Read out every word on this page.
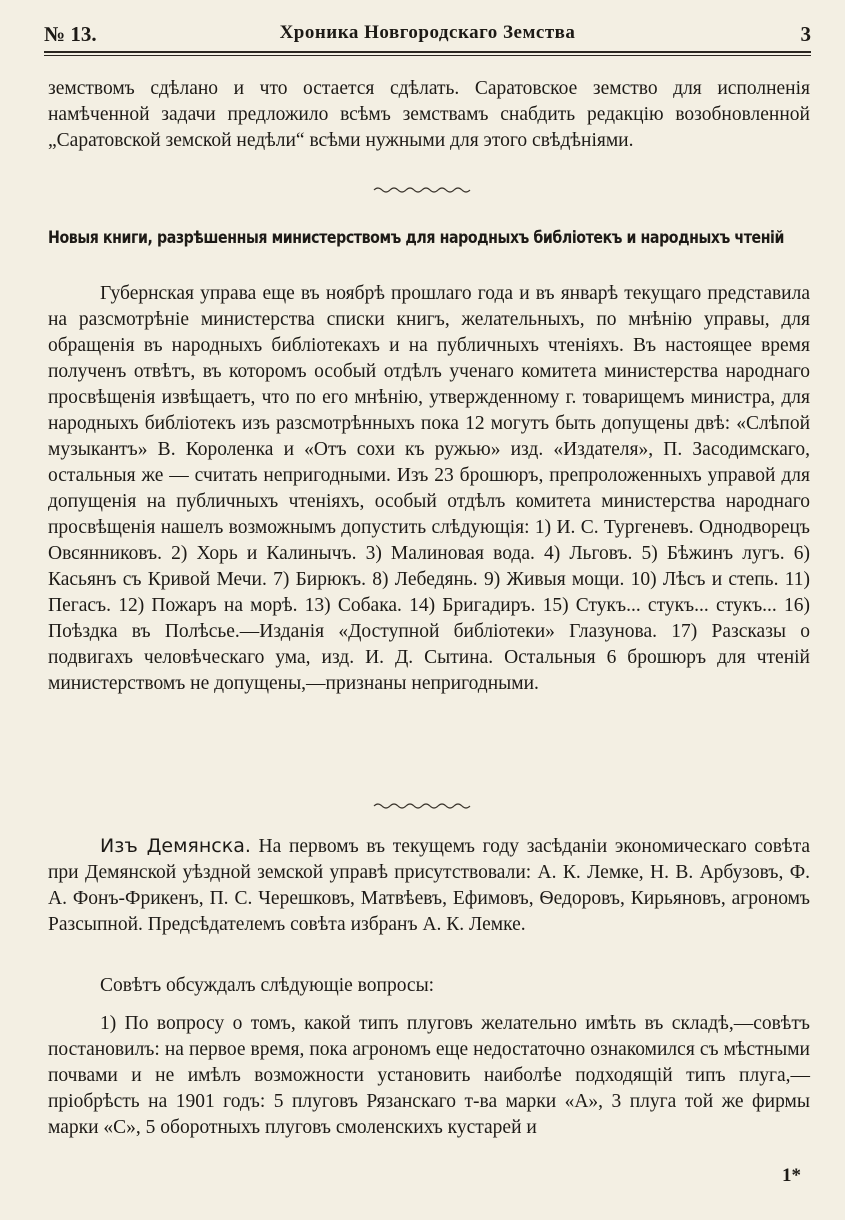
№ 13.	Хроника Новгородскаго Земства	3
земствомъ сдѣлано и что остается сдѣлать. Саратовское земство для исполненія намѣченной задачи предложило всѣмъ земствамъ снабдить редакцію возобновленной „Саратовской земской недѣли“ всѣми нужными для этого свѣдѣніями.
Новыя книги, разрѣшенныя министерствомъ для народныхъ библіотекъ и народныхъ чтеній
Губернская управа еще въ ноябрѣ прошлаго года и въ январѣ текущаго представила на разсмотрѣніе министерства списки книгъ, желательныхъ, по мнѣнію управы, для обращенія въ народныхъ библіотекахъ и на публичныхъ чтеніяхъ. Въ настоящее время полученъ отвѣтъ, въ которомъ особый отдѣлъ ученаго комитета министерства народнаго просвѣщенія извѣщаетъ, что по его мнѣнію, утвержденному г. товарищемъ министра, для народныхъ библіотекъ изъ разсмотрѣнныхъ пока 12 могутъ быть допущены двѣ: «Слѣпой музыкантъ» В. Короленка и «Отъ сохи къ ружью» изд. «Издателя», П. Засодимскаго, остальныя же — считать непригодными. Изъ 23 брошюръ, препроложенныхъ управой для допущенія на публичныхъ чтеніяхъ, особый отдѣлъ комитета министерства народнаго просвѣщенія нашелъ возможнымъ допустить слѣдующія: 1) И. С. Тургеневъ. Однодворецъ Овсянниковъ. 2) Хорь и Калинычъ. 3) Малиновая вода. 4) Льговъ. 5) Бѣжинъ лугъ. 6) Касьянъ съ Кривой Мечи. 7) Бирюкъ. 8) Лебедянь. 9) Живыя мощи. 10) Лѣсъ и степь. 11) Пегасъ. 12) Пожаръ на морѣ. 13) Собака. 14) Бригадиръ. 15) Стукъ... стукъ... стукъ... 16) Поѣздка въ Полѣсье.—Изданія «Доступной библіотеки» Глазунова. 17) Разсказы о подвигахъ человѣческаго ума, изд. И. Д. Сытина. Остальныя 6 брошюръ для чтеній министерствомъ не допущены,—признаны непригодными.
Изъ Демянска. На первомъ въ текущемъ году засѣданіи экономическаго совѣта при Демянской уѣздной земской управѣ присутствовали: А. К. Лемке, Н. В. Арбузовъ, Ф. А. Фонъ-Фрикенъ, П. С. Черешковъ, Матвѣевъ, Ефимовъ, Ѳедоровъ, Кирьяновъ, агрономъ Разсыпной. Предсѣдателемъ совѣта избранъ А. К. Лемке.
Совѣтъ обсуждалъ слѣдующіе вопросы:
1) По вопросу о томъ, какой типъ плуговъ желательно имѣть въ складѣ,—совѣтъ постановилъ: на первое время, пока агрономъ еще недостаточно ознакомился съ мѣстными почвами и не имѣлъ возможности установить наиболѣе подходящій типъ плуга,—пріобрѣсть на 1901 годъ: 5 плуговъ Рязанскаго т-ва марки «А», 3 плуга той же фирмы марки «С», 5 оборотныхъ плуговъ смоленскихъ кустарей и
1*
